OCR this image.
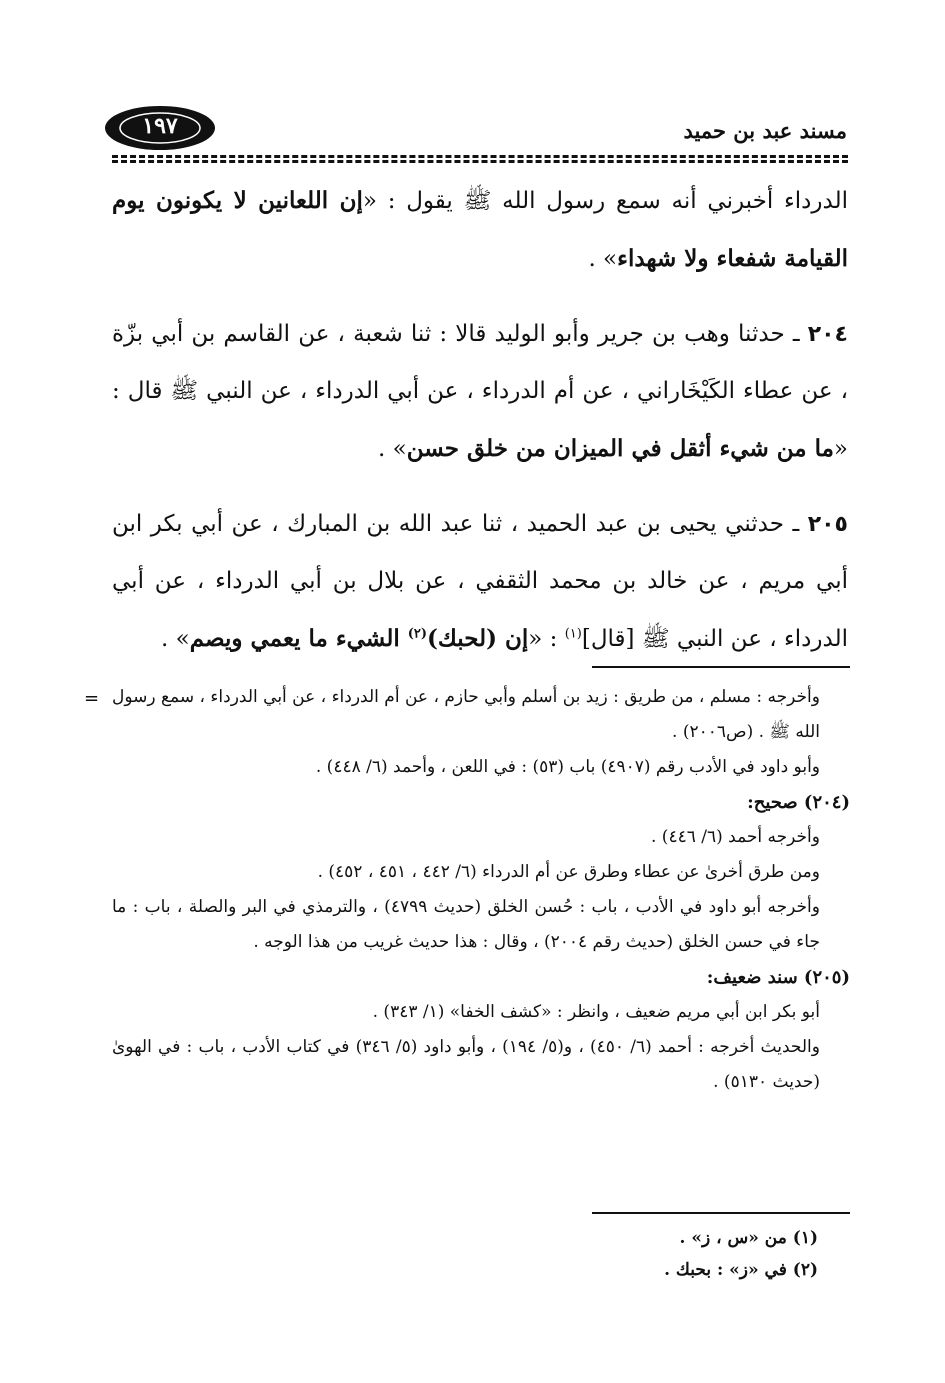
مسند عبد بن حميد
١٩٧

الدرداء أخبرني أنه سمع رسول الله ﷺ يقول : «إن اللعانين لا يكونون يوم القيامة شفعاء ولا شهداء» .

٢٠٤ ـ حدثنا وهب بن جرير وأبو الوليد قالا : ثنا شعبة ، عن القاسم بن أبي بزّة ، عن عطاء الكَيْخَاراني ، عن أم الدرداء ، عن أبي الدرداء ، عن النبي ﷺ قال : «ما من شيء أثقل في الميزان من خلق حسن» .

٢٠٥ ـ حدثني يحيى بن عبد الحميد ، ثنا عبد الله بن المبارك ، عن أبي بكر ابن أبي مريم ، عن خالد بن محمد الثقفي ، عن بلال بن أبي الدرداء ، عن أبي الدرداء ، عن النبي ﷺ [قال]$^{(١)}$ : «إن (لحبك)$^{(٢)}$ الشيء ما يعمي ويصم» .

= وأخرجه : مسلم ، من طريق : زيد بن أسلم وأبي حازم ، عن أم الدرداء ، عن أبي الدرداء ، سمع رسول الله ﷺ . (ص٢٠٠٦) .

وأبو داود في الأدب رقم (٤٩٠٧) باب (٥٣) : في اللعن ، وأحمد (٦/ ٤٤٨) .

(٢٠٤) صحيح:

وأخرجه أحمد (٦/ ٤٤٦) .

ومن طرق أخرىٰ عن عطاء وطرق عن أم الدرداء (٦/ ٤٤٢ ، ٤٥١ ، ٤٥٢) .

وأخرجه أبو داود في الأدب ، باب : حُسن الخلق (حديث ٤٧٩٩) ، والترمذي في البر والصلة ، باب : ما جاء في حسن الخلق (حديث رقم ٢٠٠٤) ، وقال : هذا حديث غريب من هذا الوجه .

(٢٠٥) سند ضعيف:

أبو بكر ابن أبي مريم ضعيف ، وانظر : «كشف الخفا» (١/ ٣٤٣) .

والحديث أخرجه : أحمد (٦/ ٤٥٠) ، و(٥/ ١٩٤) ، وأبو داود (٥/ ٣٤٦) في كتاب الأدب ، باب : في الهوىٰ (حديث ٥١٣٠) .

(١) من «س ، ز» .

(٢) في «ز» : بحبك .
